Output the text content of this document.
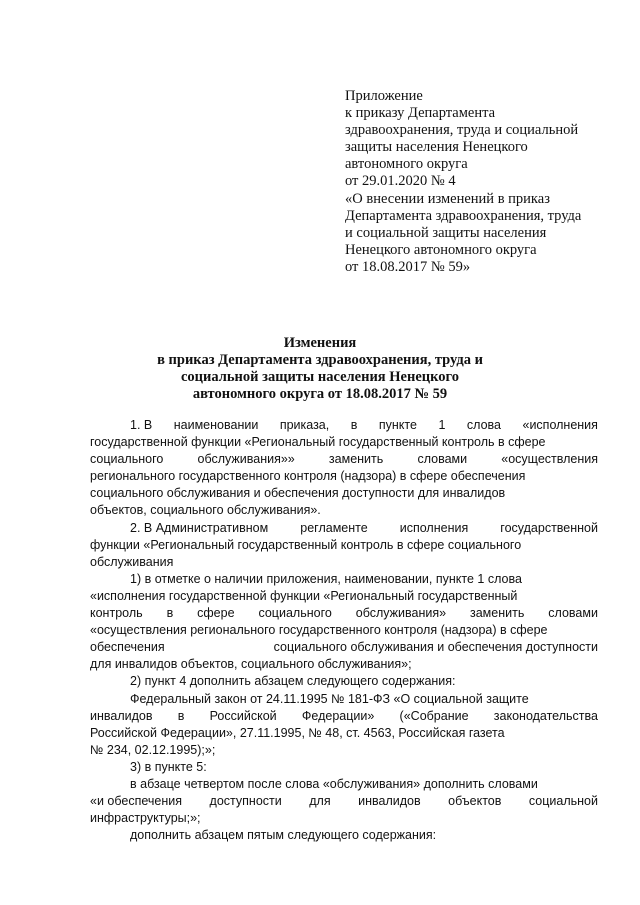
Приложение
к приказу Департамента
здравоохранения, труда и социальной
защиты населения Ненецкого
автономного округа
от 29.01.2020 № 4
«О внесении изменений в приказ
Департамента здравоохранения, труда
и социальной защиты населения
Ненецкого автономного округа
от 18.08.2017 № 59»
Изменения
в приказ Департамента здравоохранения, труда и
социальной защиты населения Ненецкого
автономного округа от 18.08.2017 № 59
1. В наименовании приказа, в пункте 1 слова «исполнения
государственной функции «Региональный государственный контроль в сфере
социального	обслуживания»»	заменить	словами	«осуществления
регионального государственного контроля (надзора) в сфере обеспечения
социального обслуживания и обеспечения доступности для инвалидов
объектов, социального обслуживания».
2. В Административном	регламенте	исполнения	государственной
функции «Региональный государственный контроль в сфере социального
обслуживания
1) в отметке о наличии приложения, наименовании, пункте 1 слова
«исполнения государственной функции «Региональный государственный
контроль в сфере социального обслуживания» заменить словами
«осуществления регионального государственного контроля (надзора) в сфере
обеспечения	социального обслуживания и обеспечения доступности
для инвалидов объектов, социального обслуживания»;
2) пункт 4 дополнить абзацем следующего содержания:
Федеральный закон от 24.11.1995 № 181-ФЗ «О социальной защите
инвалидов в Российской Федерации» («Собрание законодательства
Российской Федерации», 27.11.1995, № 48, ст. 4563, Российская газета
№ 234, 02.12.1995);»;
3) в пункте 5:
в абзаце четвертом после слова «обслуживания» дополнить словами
«и обеспечения доступности для инвалидов объектов социальной
инфраструктуры;»;
дополнить абзацем пятым следующего содержания:
